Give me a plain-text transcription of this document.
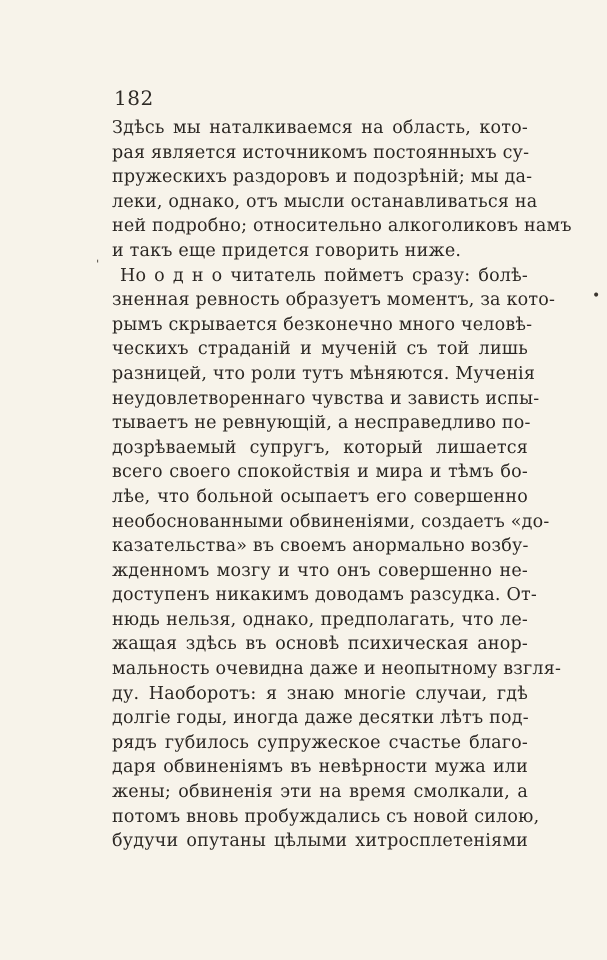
182
Здѣсь мы наталкиваемся на область, кото-
рая является источникомъ постоянныхъ су-
пружескихъ раздоровъ и подозрѣній; мы да-
леки, однако, отъ мысли останавливаться на
ней подробно; относительно алкоголиковъ намъ
и такъ еще придется говорить ниже.
Но о д н о читатель пойметъ сразу: болѣ-
зненная ревность образуетъ моментъ, за кото-
рымъ скрывается безконечно много человѣ-
ческихъ страданій и мученій съ той лишь
разницей, что роли тутъ мѣняются. Мученія
неудовлетвореннаго чувства и зависть испы-
тываетъ не ревнующій, а несправедливо по-
дозрѣваемый супругъ, который лишается
всего своего спокойствія и мира и тѣмъ бо-
лѣе, что больной осыпаетъ его совершенно
необоснованными обвиненіями, создаетъ «до-
казательства» въ своемъ анормально возбу-
жденномъ мозгу и что онъ совершенно не-
доступенъ никакимъ доводамъ разсудка. От-
нюдь нельзя, однако, предполагать, что ле-
жащая здѣсь въ основѣ психическая анор-
мальность очевидна даже и неопытному взгля-
ду. Наоборотъ: я знаю многіе случаи, гдѣ
долгіе годы, иногда даже десятки лѣтъ под-
рядъ губилось супружеское счастье благо-
даря обвиненіямъ въ невѣрности мужа или
жены; обвиненія эти на время смолкали, а
потомъ вновь пробуждались съ новой силою,
будучи опутаны цѣлыми хитросплетеніями
ˈ
•
